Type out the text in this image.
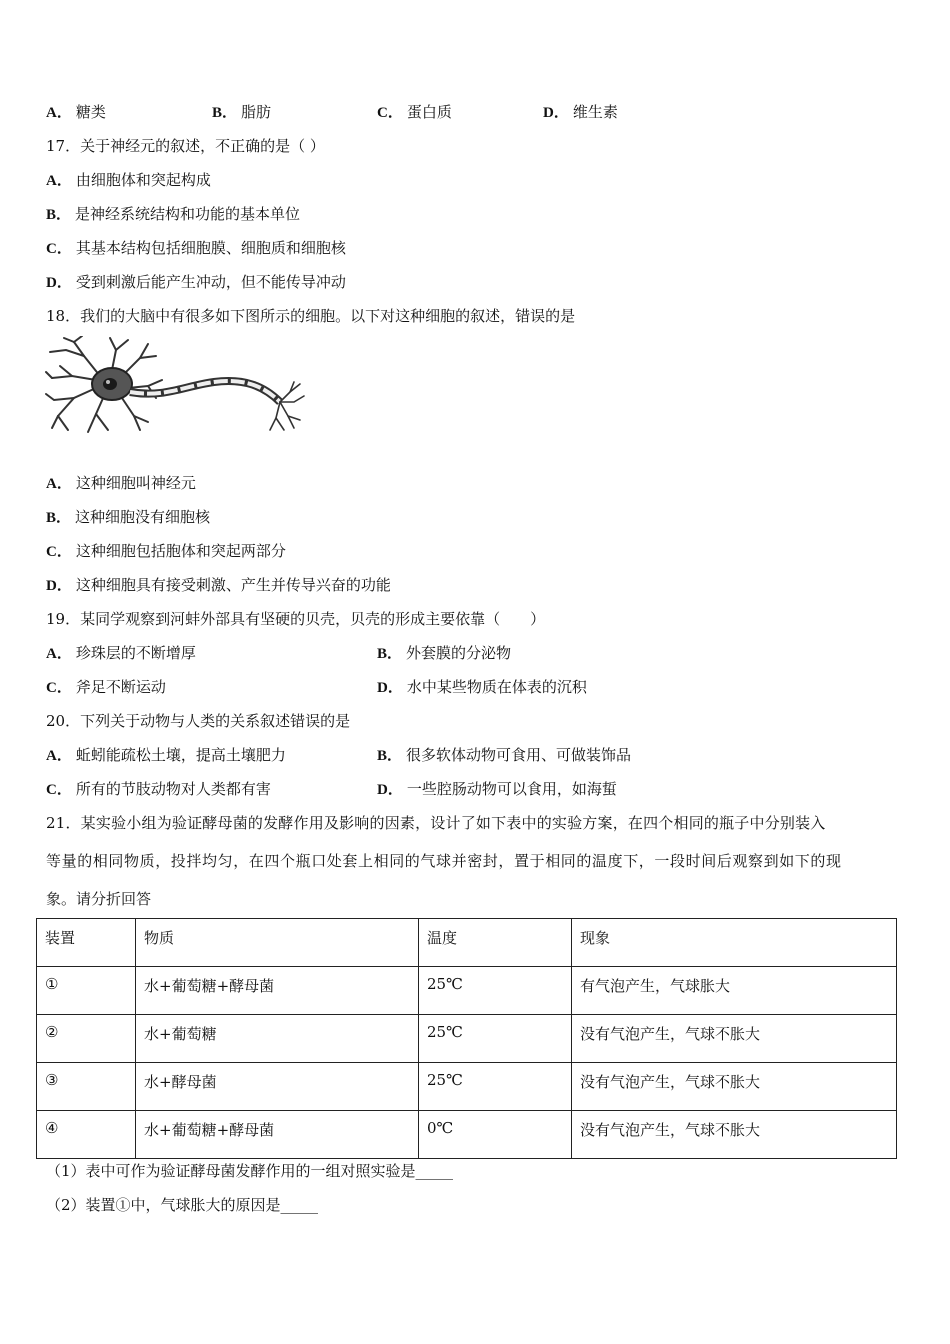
A． 糖类	B． 脂肪	C． 蛋白质	D． 维生素
17．关于神经元的叙述，不正确的是（ ）
A． 由细胞体和突起构成
B． 是神经系统结构和功能的基本单位
C． 其基本结构包括细胞膜、细胞质和细胞核
D． 受到刺激后能产生冲动，但不能传导冲动
18．我们的大脑中有很多如下图所示的细胞。以下对这种细胞的叙述，错误的是
A． 这种细胞叫神经元
B． 这种细胞没有细胞核
C． 这种细胞包括胞体和突起两部分
D． 这种细胞具有接受刺激、产生并传导兴奋的功能
19．某同学观察到河蚌外部具有坚硬的贝壳，贝壳的形成主要依靠（　　）
A． 珍珠层的不断增厚	B． 外套膜的分泌物
C． 斧足不断运动	D． 水中某些物质在体表的沉积
20．下列关于动物与人类的关系叙述错误的是
A． 蚯蚓能疏松土壤，提高土壤肥力	B． 很多软体动物可食用、可做装饰品
C． 所有的节肢动物对人类都有害	D． 一些腔肠动物可以食用，如海蜇
21．某实验小组为验证酵母菌的发酵作用及影响的因素，设计了如下表中的实验方案，在四个相同的瓶子中分别装入
等量的相同物质，投拌均匀，在四个瓶口处套上相同的气球并密封，置于相同的温度下，一段时间后观察到如下的现
象。请分折回答
装置	物质	温度	现象
①	水+葡萄糖+酵母菌	25℃	有气泡产生，气球胀大
②	水+葡萄糖	25℃	没有气泡产生，气球不胀大
③	水+酵母菌	25℃	没有气泡产生，气球不胀大
④	水+葡萄糖+酵母菌	0℃	没有气泡产生，气球不胀大
（1）表中可作为验证酵母菌发酵作用的一组对照实验是_____
（2）装置①中，气球胀大的原因是_____
